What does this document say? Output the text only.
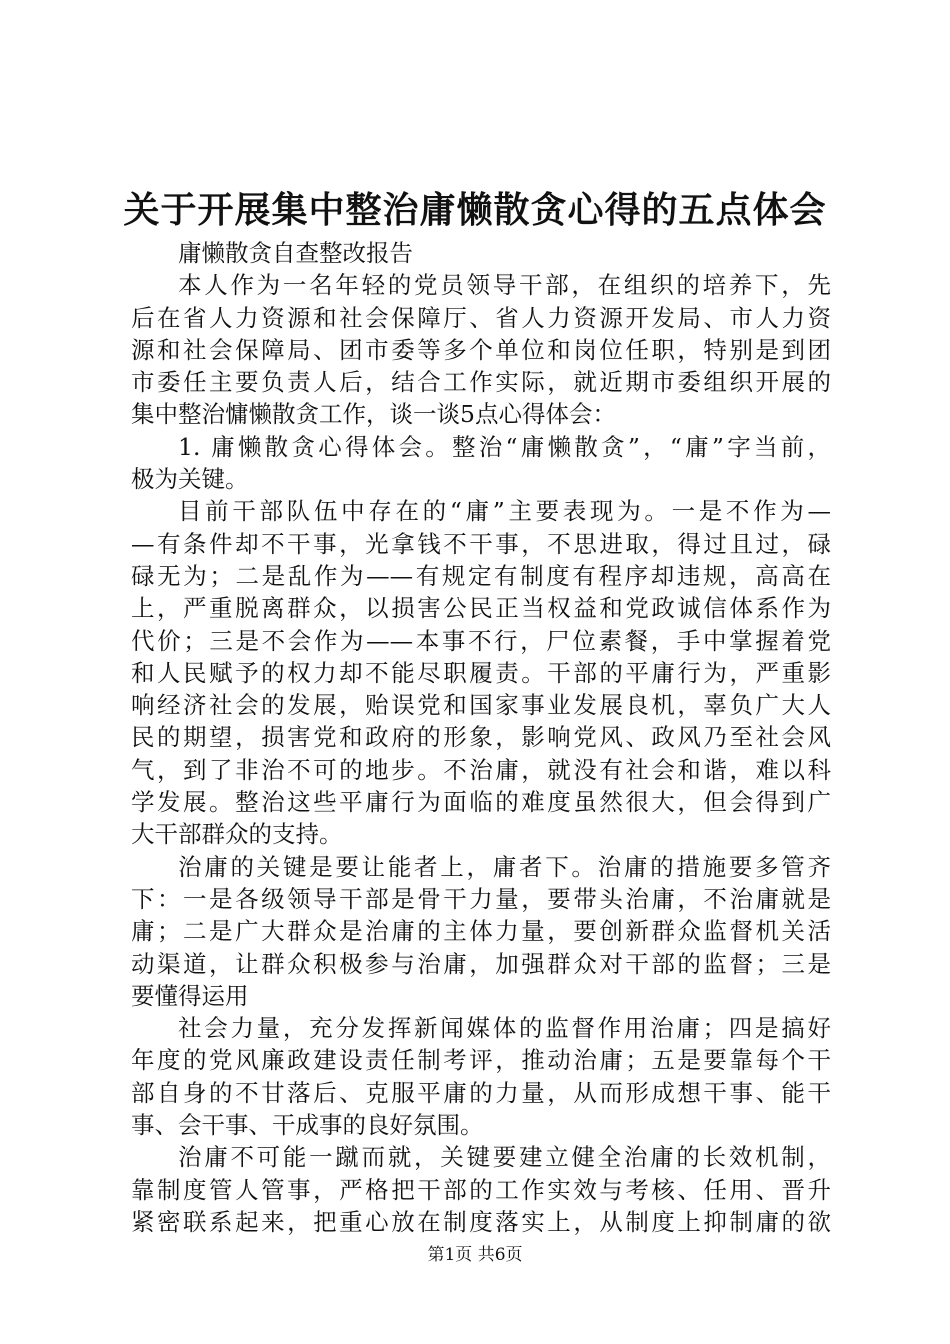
关于开展集中整治庸懒散贪心得的五点体会
庸懒散贪自查整改报告
本人作为一名年轻的党员领导干部，在组织的培养下，先
后在省人力资源和社会保障厅、省人力资源开发局、市人力资
源和社会保障局、团市委等多个单位和岗位任职，特别是到团
市委任主要负责人后，结合工作实际，就近期市委组织开展的
集中整治慵懒散贪工作，谈一谈5点心得体会：
1. 庸懒散贪心得体会。整治“庸懒散贪”，“庸”字当前，
极为关键。
目前干部队伍中存在的“庸”主要表现为。一是不作为—
—有条件却不干事，光拿钱不干事，不思进取，得过且过，碌
碌无为；二是乱作为——有规定有制度有程序却违规，高高在
上，严重脱离群众，以损害公民正当权益和党政诚信体系作为
代价；三是不会作为——本事不行，尸位素餐，手中掌握着党
和人民赋予的权力却不能尽职履责。干部的平庸行为，严重影
响经济社会的发展，贻误党和国家事业发展良机，辜负广大人
民的期望，损害党和政府的形象，影响党风、政风乃至社会风
气，到了非治不可的地步。不治庸，就没有社会和谐，难以科
学发展。整治这些平庸行为面临的难度虽然很大，但会得到广
大干部群众的支持。
治庸的关键是要让能者上，庸者下。治庸的措施要多管齐
下：一是各级领导干部是骨干力量，要带头治庸，不治庸就是
庸；二是广大群众是治庸的主体力量，要创新群众监督机关活
动渠道，让群众积极参与治庸，加强群众对干部的监督；三是
要懂得运用
社会力量，充分发挥新闻媒体的监督作用治庸；四是搞好
年度的党风廉政建设责任制考评，推动治庸；五是要靠每个干
部自身的不甘落后、克服平庸的力量，从而形成想干事、能干
事、会干事、干成事的良好氛围。
治庸不可能一蹴而就，关键要建立健全治庸的长效机制，
靠制度管人管事，严格把干部的工作实效与考核、任用、晋升
紧密联系起来，把重心放在制度落实上，从制度上抑制庸的欲
第1页 共6页
